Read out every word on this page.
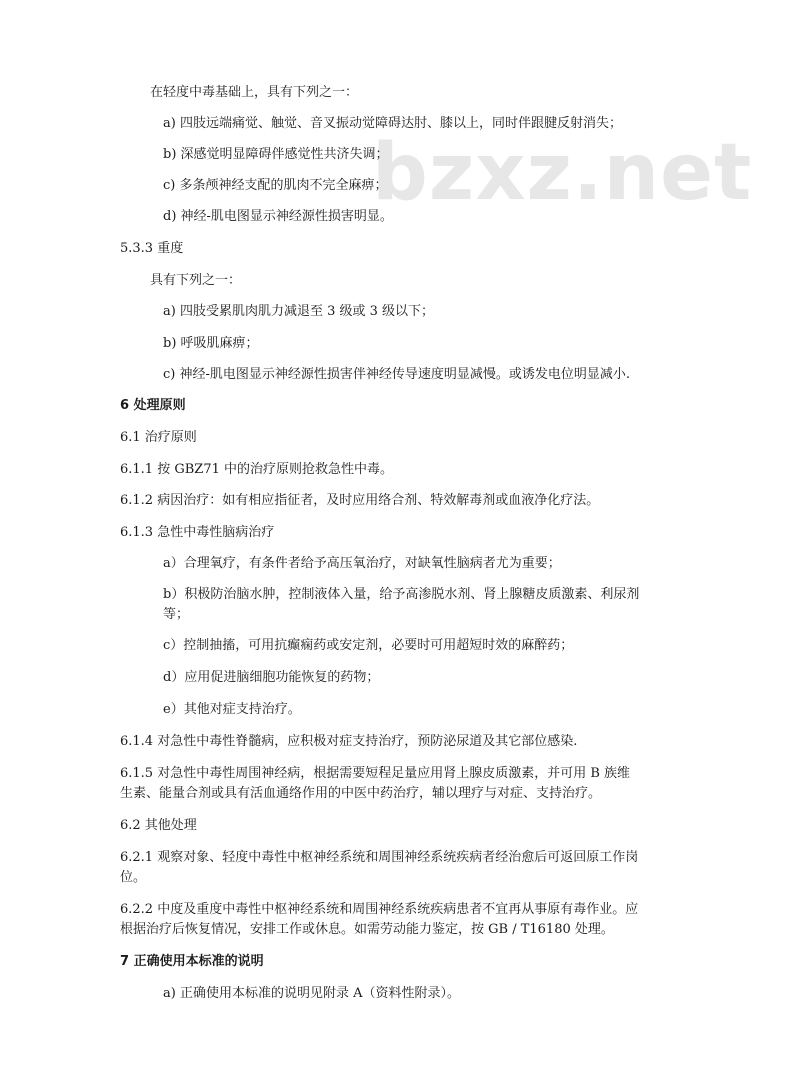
bzxz.net
在轻度中毒基础上，具有下列之一：
a) 四肢远端痛觉、触觉、音叉振动觉障碍达肘、膝以上，同时伴跟腱反射消失；
b) 深感觉明显障碍伴感觉性共济失调；
c) 多条颅神经支配的肌肉不完全麻痹；
d) 神经-肌电图显示神经源性损害明显。
5.3.3 重度
具有下列之一：
a) 四肢受累肌肉肌力减退至 3 级或 3 级以下；
b) 呼吸肌麻痹；
c) 神经-肌电图显示神经源性损害伴神经传导速度明显减慢。或诱发电位明显减小.
6 处理原则
6.1 治疗原则
6.1.1 按 GBZ71 中的治疗原则抢救急性中毒。
6.1.2 病因治疗：如有相应指征者，及时应用络合剂、特效解毒剂或血液净化疗法。
6.1.3 急性中毒性脑病治疗
a）合理氧疗，有条件者给予高压氧治疗，对缺氧性脑病者尤为重要；
b）积极防治脑水肿，控制液体入量，给予高渗脱水剂、肾上腺糖皮质激素、利尿剂
等；
c）控制抽搐，可用抗癫痫药或安定剂，必要时可用超短时效的麻醉药；
d）应用促进脑细胞功能恢复的药物；
e）其他对症支持治疗。
6.1.4 对急性中毒性脊髓病，应积极对症支持治疗，预防泌尿道及其它部位感染.
6.1.5 对急性中毒性周围神经病，根据需要短程足量应用肾上腺皮质激素，并可用 B 族维
生素、能量合剂或具有活血通络作用的中医中药治疗，辅以理疗与对症、支持治疗。
6.2 其他处理
6.2.1 观察对象、轻度中毒性中枢神经系统和周围神经系统疾病者经治愈后可返回原工作岗
位。
6.2.2 中度及重度中毒性中枢神经系统和周围神经系统疾病患者不宜再从事原有毒作业。应
根据治疗后恢复情况，安排工作或休息。如需劳动能力鉴定，按 GB / T16180 处理。
7 正确使用本标准的说明
a) 正确使用本标准的说明见附录 A（资料性附录）。
